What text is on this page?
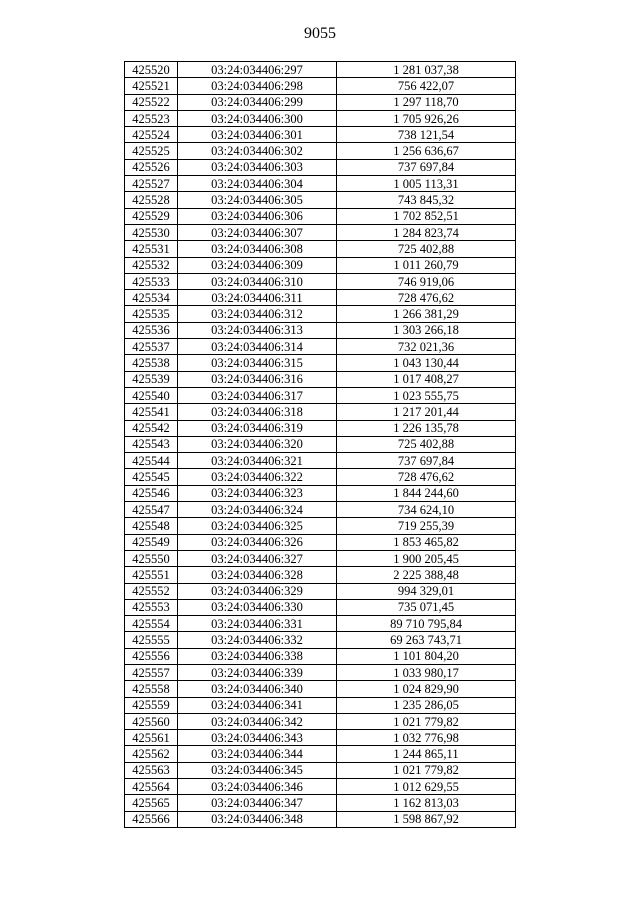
9055
425520	03:24:034406:297	1 281 037,38
425521	03:24:034406:298	756 422,07
425522	03:24:034406:299	1 297 118,70
425523	03:24:034406:300	1 705 926,26
425524	03:24:034406:301	738 121,54
425525	03:24:034406:302	1 256 636,67
425526	03:24:034406:303	737 697,84
425527	03:24:034406:304	1 005 113,31
425528	03:24:034406:305	743 845,32
425529	03:24:034406:306	1 702 852,51
425530	03:24:034406:307	1 284 823,74
425531	03:24:034406:308	725 402,88
425532	03:24:034406:309	1 011 260,79
425533	03:24:034406:310	746 919,06
425534	03:24:034406:311	728 476,62
425535	03:24:034406:312	1 266 381,29
425536	03:24:034406:313	1 303 266,18
425537	03:24:034406:314	732 021,36
425538	03:24:034406:315	1 043 130,44
425539	03:24:034406:316	1 017 408,27
425540	03:24:034406:317	1 023 555,75
425541	03:24:034406:318	1 217 201,44
425542	03:24:034406:319	1 226 135,78
425543	03:24:034406:320	725 402,88
425544	03:24:034406:321	737 697,84
425545	03:24:034406:322	728 476,62
425546	03:24:034406:323	1 844 244,60
425547	03:24:034406:324	734 624,10
425548	03:24:034406:325	719 255,39
425549	03:24:034406:326	1 853 465,82
425550	03:24:034406:327	1 900 205,45
425551	03:24:034406:328	2 225 388,48
425552	03:24:034406:329	994 329,01
425553	03:24:034406:330	735 071,45
425554	03:24:034406:331	89 710 795,84
425555	03:24:034406:332	69 263 743,71
425556	03:24:034406:338	1 101 804,20
425557	03:24:034406:339	1 033 980,17
425558	03:24:034406:340	1 024 829,90
425559	03:24:034406:341	1 235 286,05
425560	03:24:034406:342	1 021 779,82
425561	03:24:034406:343	1 032 776,98
425562	03:24:034406:344	1 244 865,11
425563	03:24:034406:345	1 021 779,82
425564	03:24:034406:346	1 012 629,55
425565	03:24:034406:347	1 162 813,03
425566	03:24:034406:348	1 598 867,92
